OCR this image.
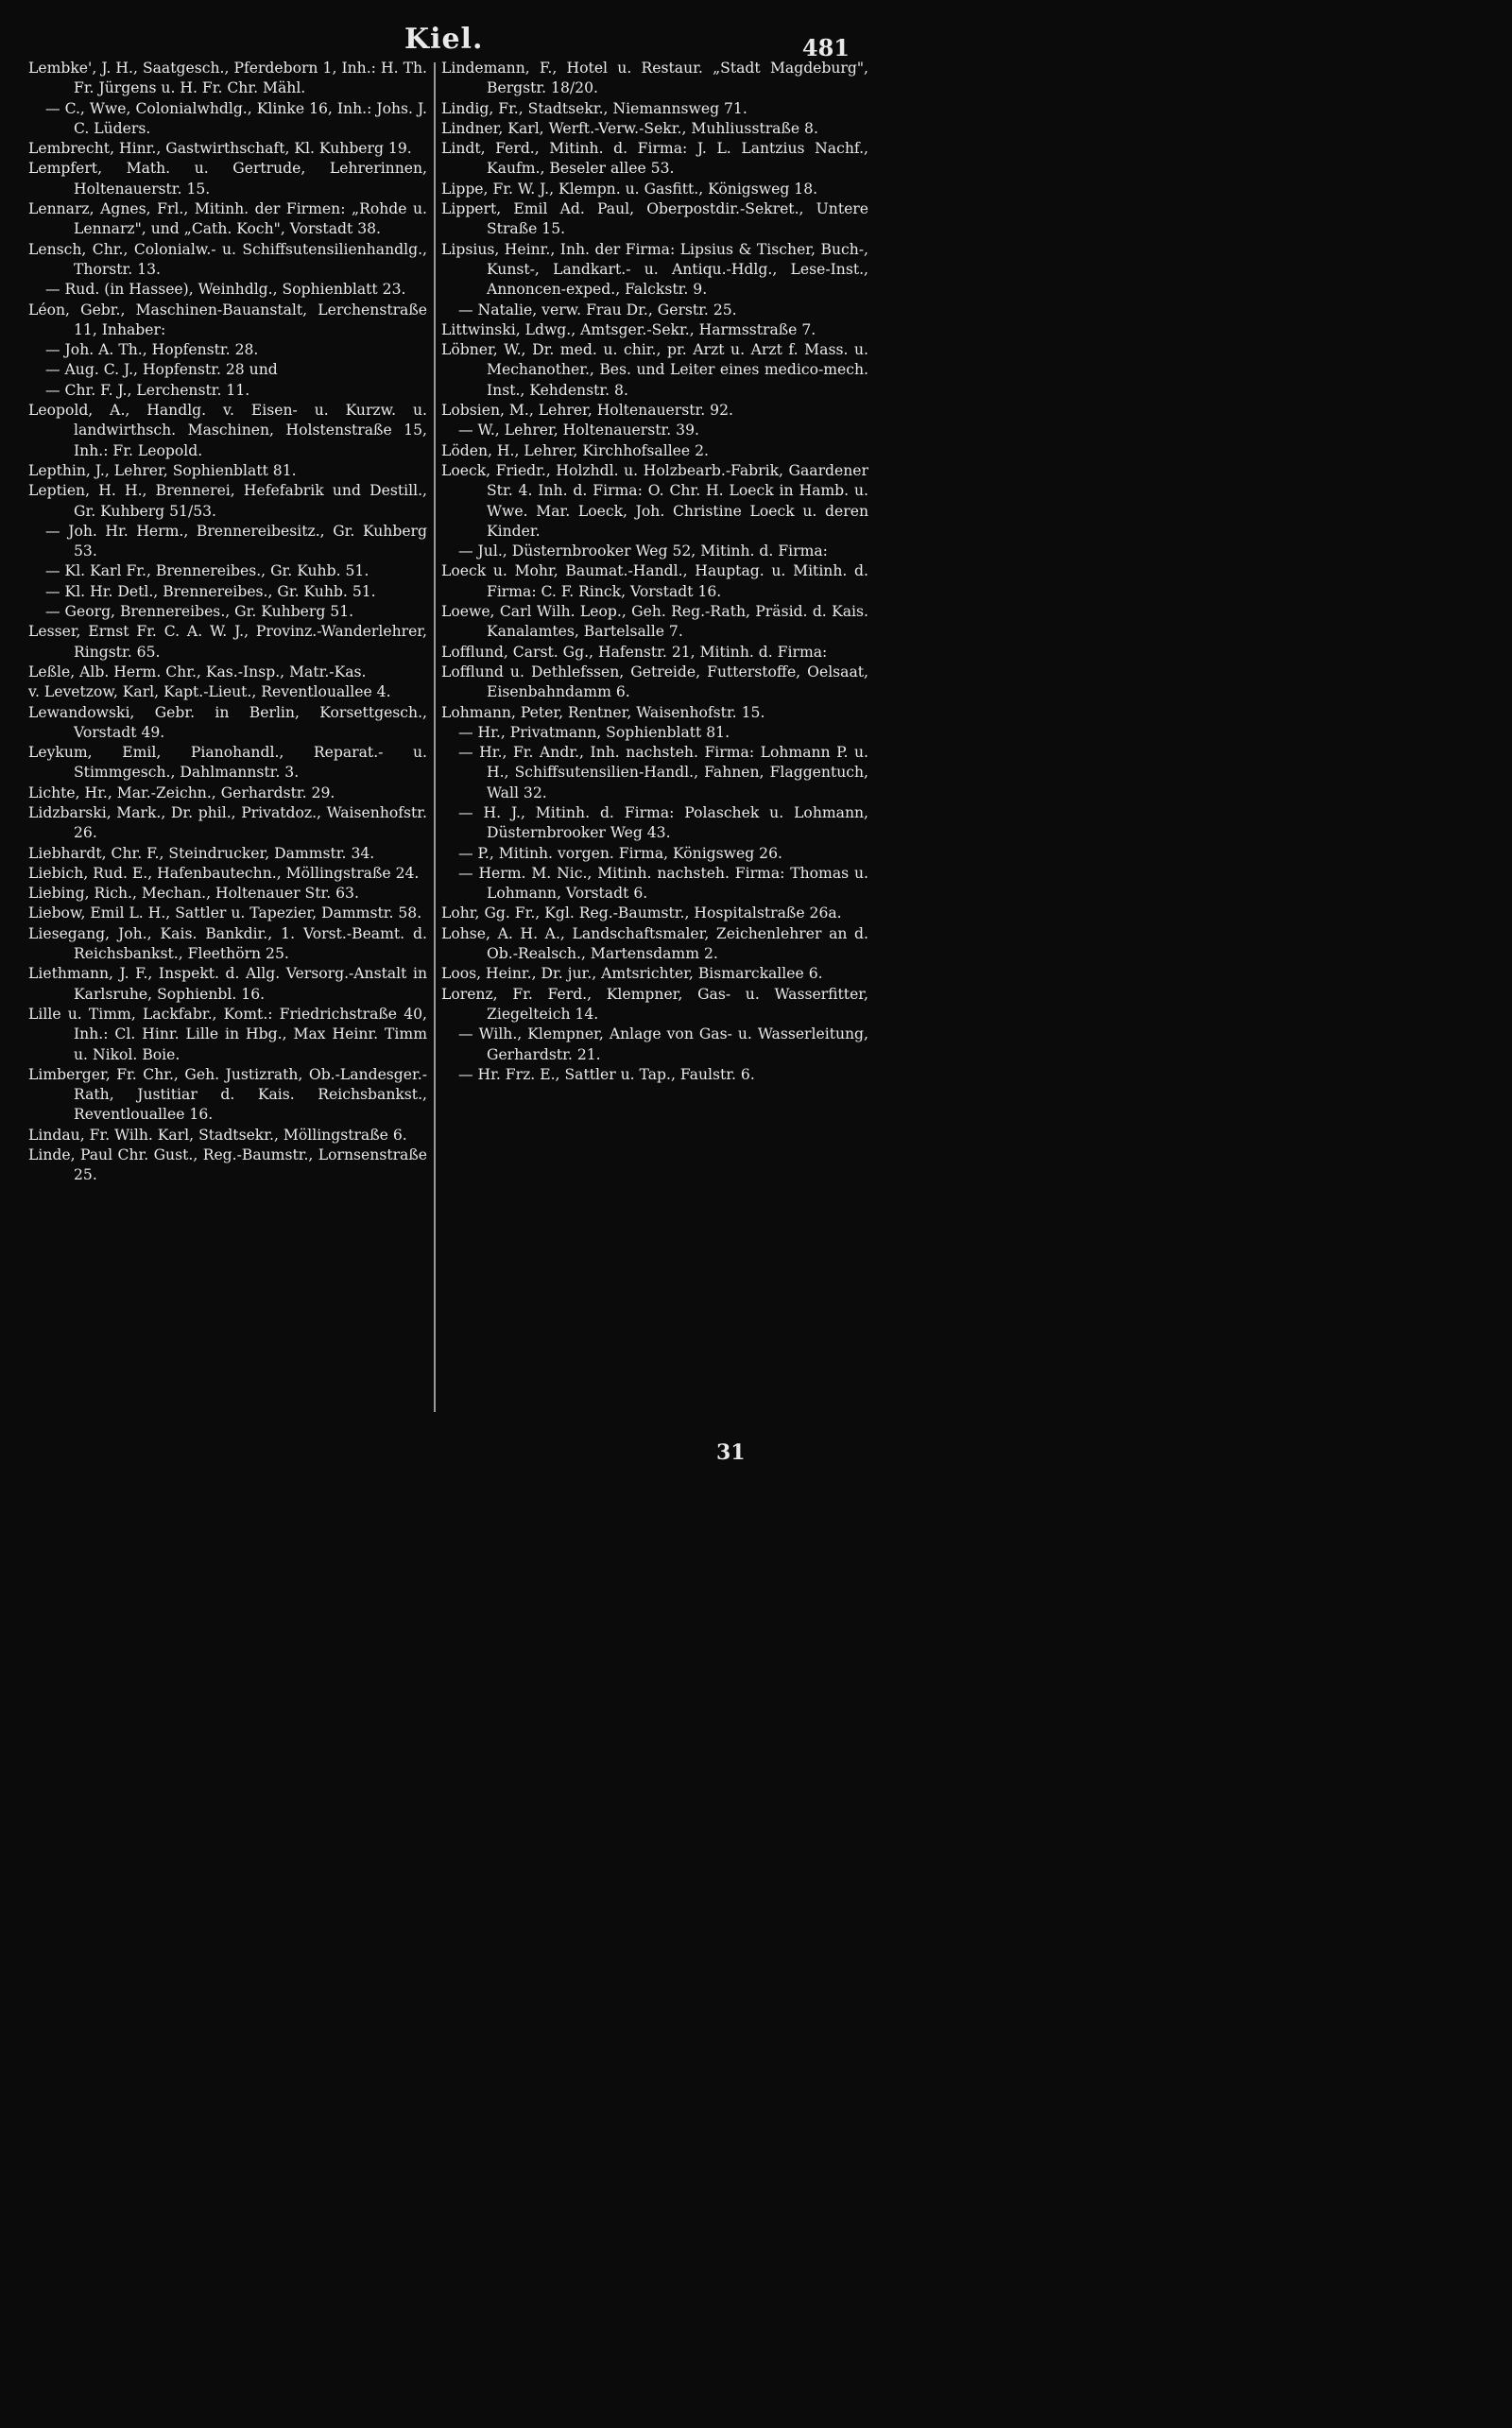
Kiel.	481

Lembke', J. H., Saatgesch., Pferdeborn 1, Inh.: H. Th. Fr. Jürgens u. H. Fr. Chr. Mähl.

— C., Wwe, Colonialwhdlg., Klinke 16, Inh.: Johs. J. C. Lüders.

Lembrecht, Hinr., Gastwirthschaft, Kl. Kuhberg 19.

Lempfert, Math. u. Gertrude, Lehrerinnen, Holtenauerstr. 15.

Lennarz, Agnes, Frl., Mitinh. der Firmen: „Rohde u. Lennarz", und „Cath. Koch", Vorstadt 38.

Lensch, Chr., Colonialw.- u. Schiffsutensilienhandlg., Thorstr. 13.

— Rud. (in Hassee), Weinhdlg., Sophienblatt 23.

Léon, Gebr., Maschinen-Bauanstalt, Lerchenstraße 11, Inhaber:

— Joh. A. Th., Hopfenstr. 28.

— Aug. C. J., Hopfenstr. 28 und

— Chr. F. J., Lerchenstr. 11.

Leopold, A., Handlg. v. Eisen- u. Kurzw. u. landwirthsch. Maschinen, Holstenstraße 15, Inh.: Fr. Leopold.

Lepthin, J., Lehrer, Sophienblatt 81.

Leptien, H. H., Brennerei, Hefefabrik und Destill., Gr. Kuhberg 51/53.

— Joh. Hr. Herm., Brennereibesitz., Gr. Kuhberg 53.

— Kl. Karl Fr., Brennereibes., Gr. Kuhb. 51.

— Kl. Hr. Detl., Brennereibes., Gr. Kuhb. 51.

— Georg, Brennereibes., Gr. Kuhberg 51.

Lesser, Ernst Fr. C. A. W. J., Provinz.-Wanderlehrer, Ringstr. 65.

Leßle, Alb. Herm. Chr., Kas.-Insp., Matr.-Kas.

v. Levetzow, Karl, Kapt.-Lieut., Reventlouallee 4.

Lewandowski, Gebr. in Berlin, Korsettgesch., Vorstadt 49.

Leykum, Emil, Pianohandl., Reparat.- u. Stimmgesch., Dahlmannstr. 3.

Lichte, Hr., Mar.-Zeichn., Gerhardstr. 29.

Lidzbarski, Mark., Dr. phil., Privatdoz., Waisenhofstr. 26.

Liebhardt, Chr. F., Steindrucker, Dammstr. 34.

Liebich, Rud. E., Hafenbautechn., Möllingstraße 24.

Liebing, Rich., Mechan., Holtenauer Str. 63.

Liebow, Emil L. H., Sattler u. Tapezier, Dammstr. 58.

Liesegang, Joh., Kais. Bankdir., 1. Vorst.-Beamt. d. Reichsbankst., Fleethörn 25.

Liethmann, J. F., Inspekt. d. Allg. Versorg.-Anstalt in Karlsruhe, Sophienbl. 16.

Lille u. Timm, Lackfabr., Komt.: Friedrichstraße 40, Inh.: Cl. Hinr. Lille in Hbg., Max Heinr. Timm u. Nikol. Boie.

Limberger, Fr. Chr., Geh. Justizrath, Ob.-Landesger.-Rath, Justitiar d. Kais. Reichsbankst., Reventlouallee 16.

Lindau, Fr. Wilh. Karl, Stadtsekr., Möllingstraße 6.

Linde, Paul Chr. Gust., Reg.-Baumstr., Lornsenstraße 25.

Lindemann, F., Hotel u. Restaur. „Stadt Magdeburg", Bergstr. 18/20.

Lindig, Fr., Stadtsekr., Niemannsweg 71.

Lindner, Karl, Werft.-Verw.-Sekr., Muhliusstraße 8.

Lindt, Ferd., Mitinh. d. Firma: J. L. Lantzius Nachf., Kaufm., Beseler allee 53.

Lippe, Fr. W. J., Klempn. u. Gasfitt., Königsweg 18.

Lippert, Emil Ad. Paul, Oberpostdir.-Sekret., Untere Straße 15.

Lipsius, Heinr., Inh. der Firma: Lipsius & Tischer, Buch-, Kunst-, Landkart.- u. Antiqu.-Hdlg., Lese-Inst., Annoncen-exped., Falckstr. 9.

— Natalie, verw. Frau Dr., Gerstr. 25.

Littwinski, Ldwg., Amtsger.-Sekr., Harmsstraße 7.

Löbner, W., Dr. med. u. chir., pr. Arzt u. Arzt f. Mass. u. Mechanother., Bes. und Leiter eines medico-mech. Inst., Kehdenstr. 8.

Lobsien, M., Lehrer, Holtenauerstr. 92.

— W., Lehrer, Holtenauerstr. 39.

Löden, H., Lehrer, Kirchhofsallee 2.

Loeck, Friedr., Holzhdl. u. Holzbearb.-Fabrik, Gaardener Str. 4. Inh. d. Firma: O. Chr. H. Loeck in Hamb. u. Wwe. Mar. Loeck, Joh. Christine Loeck u. deren Kinder.

— Jul., Düsternbrooker Weg 52, Mitinh. d. Firma:

Loeck u. Mohr, Baumat.-Handl., Hauptag. u. Mitinh. d. Firma: C. F. Rinck, Vorstadt 16.

Loewe, Carl Wilh. Leop., Geh. Reg.-Rath, Präsid. d. Kais. Kanalamtes, Bartelsalle 7.

Lofflund, Carst. Gg., Hafenstr. 21, Mitinh. d. Firma:

Lofflund u. Dethlefssen, Getreide, Futterstoffe, Oelsaat, Eisenbahndamm 6.

Lohmann, Peter, Rentner, Waisenhofstr. 15.

— Hr., Privatmann, Sophienblatt 81.

— Hr., Fr. Andr., Inh. nachsteh. Firma: Lohmann P. u. H., Schiffsutensilien-Handl., Fahnen, Flaggentuch, Wall 32.

— H. J., Mitinh. d. Firma: Polaschek u. Lohmann, Düsternbrooker Weg 43.

— P., Mitinh. vorgen. Firma, Königsweg 26.

— Herm. M. Nic., Mitinh. nachsteh. Firma: Thomas u. Lohmann, Vorstadt 6.

Lohr, Gg. Fr., Kgl. Reg.-Baumstr., Hospitalstraße 26a.

Lohse, A. H. A., Landschaftsmaler, Zeichenlehrer an d. Ob.-Realsch., Martensdamm 2.

Loos, Heinr., Dr. jur., Amtsrichter, Bismarckallee 6.

Lorenz, Fr. Ferd., Klempner, Gas- u. Wasserfitter, Ziegelteich 14.

— Wilh., Klempner, Anlage von Gas- u. Wasserleitung, Gerhardstr. 21.

— Hr. Frz. E., Sattler u. Tap., Faulstr. 6.

31
